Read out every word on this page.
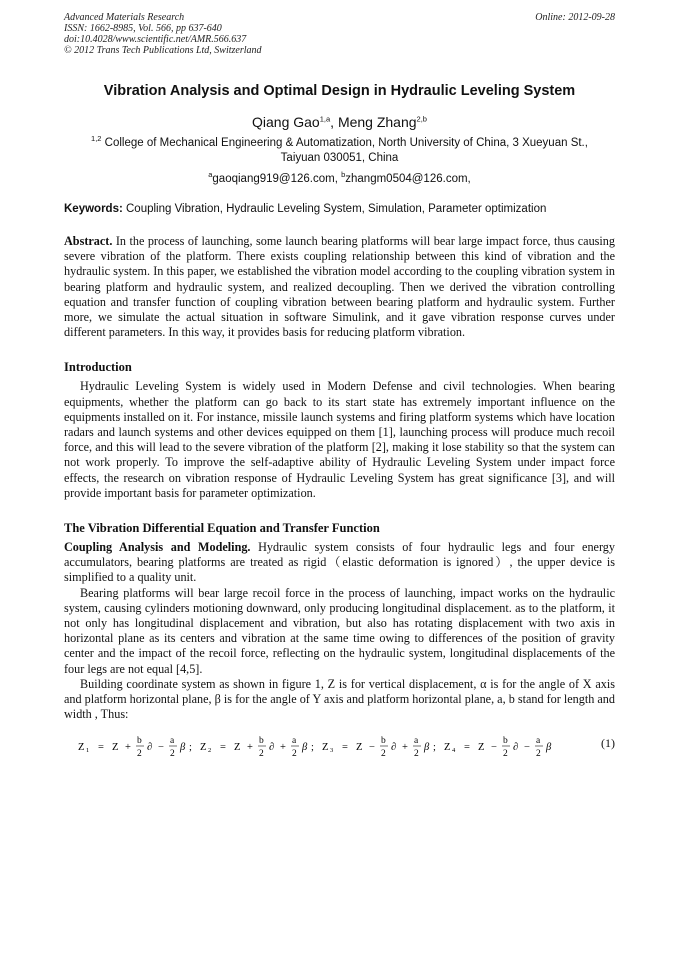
Advanced Materials Research
ISSN: 1662-8985, Vol. 566, pp 637-640
doi:10.4028/www.scientific.net/AMR.566.637
© 2012 Trans Tech Publications Ltd, Switzerland
Online: 2012-09-28
Vibration Analysis and Optimal Design in Hydraulic Leveling System
Qiang Gao$^{1,a}$, Meng Zhang$^{2,b}$
$^{1,2}$ College of Mechanical Engineering & Automatization, North University of China, 3 Xueyuan St.,
Taiyuan 030051, China
$^a$gaoqiang919@126.com, $^b$zhangm0504@126.com,
Keywords: Coupling Vibration, Hydraulic Leveling System, Simulation, Parameter optimization

Abstract. In the process of launching, some launch bearing platforms will bear large impact force, thus causing severe vibration of the platform. There exists coupling relationship between this kind of vibration and the hydraulic system. In this paper, we established the vibration model according to the coupling vibration system in bearing platform and hydraulic system, and realized decoupling. Then we derived the vibration controlling equation and transfer function of coupling vibration between bearing platform and hydraulic system. Further more, we simulate the actual situation in software Simulink, and it gave vibration response curves under different parameters. In this way, it provides basis for reducing platform vibration.

Introduction

Hydraulic Leveling System is widely used in Modern Defense and civil technologies. When bearing equipments, whether the platform can go back to its start state has extremely important influence on the equipments installed on it. For instance, missile launch systems and firing platform systems which have location radars and launch systems and other devices equipped on them [1], launching process will produce much recoil force, and this will lead to the severe vibration of the platform [2], making it lose stability so that the system can not work properly. To improve the self-adaptive ability of Hydraulic Leveling System under impact force effects, the research on vibration response of Hydraulic Leveling System has great significance [3], and will provide important basis for parameter optimization.

The Vibration Differential Equation and Transfer Function

Coupling Analysis and Modeling. Hydraulic system consists of four hydraulic legs and four energy accumulators, bearing platforms are treated as rigid（elastic deformation is ignored）, the upper device is simplified to a quality unit.

Bearing platforms will bear large recoil force in the process of launching, impact works on the hydraulic system, causing cylinders motioning downward, only producing longitudinal displacement. as to the platform, it not only has longitudinal displacement and vibration, but also has rotating displacement with two axis in horizontal plane as its centers and vibration at the same time owing to differences of the position of gravity center and the impact of the recoil force, reflecting on the hydraulic system, longitudinal displacements of the four legs are not equal [4,5].

Building coordinate system as shown in figure 1, Z is for vertical displacement, α is for the angle of X axis and platform horizontal plane, β is for the angle of Y axis and platform horizontal plane, a, b stand for length and width , Thus:

Z 1 = Z +
b
2
∂ −
a
2
β ; Z 2 = Z +
b
2
∂ +
a
2
β ; Z 3 = Z −
b
2
∂ +
a
2
β ; Z 4 = Z −
b
2
∂ −
a
2
β	(1)
